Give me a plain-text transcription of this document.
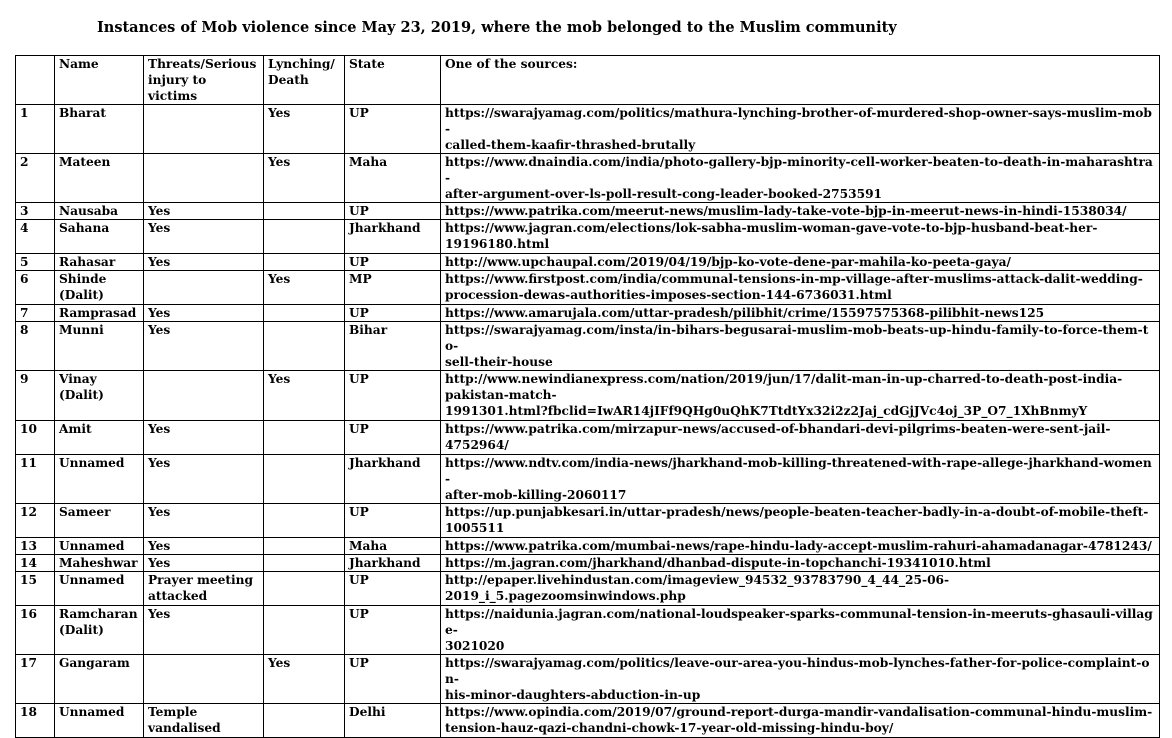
Instances of Mob violence since May 23, 2019, where the mob belonged to the Muslim community
	Name	Threats/Serious
injury to victims	Lynching/
Death	State	One of the sources:
1	Bharat		Yes	UP	https://swarajyamag.com/politics/mathura-lynching-brother-of-murdered-shop-owner-says-muslim-mob-
called-them-kaafir-thrashed-brutally
2	Mateen		Yes	Maha	https://www.dnaindia.com/india/photo-gallery-bjp-minority-cell-worker-beaten-to-death-in-maharashtra-
after-argument-over-ls-poll-result-cong-leader-booked-2753591
3	Nausaba	Yes		UP	https://www.patrika.com/meerut-news/muslim-lady-take-vote-bjp-in-meerut-news-in-hindi-1538034/
4	Sahana	Yes		Jharkhand	https://www.jagran.com/elections/lok-sabha-muslim-woman-gave-vote-to-bjp-husband-beat-her-
19196180.html
5	Rahasar	Yes		UP	http://www.upchaupal.com/2019/04/19/bjp-ko-vote-dene-par-mahila-ko-peeta-gaya/
6	Shinde
(Dalit)		Yes	MP	https://www.firstpost.com/india/communal-tensions-in-mp-village-after-muslims-attack-dalit-wedding-
procession-dewas-authorities-imposes-section-144-6736031.html
7	Ramprasad	Yes		UP	https://www.amarujala.com/uttar-pradesh/pilibhit/crime/15597575368-pilibhit-news125
8	Munni	Yes		Bihar	https://swarajyamag.com/insta/in-bihars-begusarai-muslim-mob-beats-up-hindu-family-to-force-them-to-
sell-their-house
9	Vinay
(Dalit)		Yes	UP	http://www.newindianexpress.com/nation/2019/jun/17/dalit-man-in-up-charred-to-death-post-india-
pakistan-match-
1991301.html?fbclid=IwAR14jIFf9QHg0uQhK7TtdtYx32i2z2Jaj_cdGjJVc4oj_3P_O7_1XhBnmyY
10	Amit	Yes		UP	https://www.patrika.com/mirzapur-news/accused-of-bhandari-devi-pilgrims-beaten-were-sent-jail-
4752964/
11	Unnamed	Yes		Jharkhand	https://www.ndtv.com/india-news/jharkhand-mob-killing-threatened-with-rape-allege-jharkhand-women-
after-mob-killing-2060117
12	Sameer	Yes		UP	https://up.punjabkesari.in/uttar-pradesh/news/people-beaten-teacher-badly-in-a-doubt-of-mobile-theft-
1005511
13	Unnamed	Yes		Maha	https://www.patrika.com/mumbai-news/rape-hindu-lady-accept-muslim-rahuri-ahamadanagar-4781243/
14	Maheshwar	Yes		Jharkhand	https://m.jagran.com/jharkhand/dhanbad-dispute-in-topchanchi-19341010.html
15	Unnamed	Prayer meeting
attacked		UP	http://epaper.livehindustan.com/imageview_94532_93783790_4_44_25-06-
2019_i_5.pagezoomsinwindows.php
16	Ramcharan
(Dalit)	Yes		UP	https://naidunia.jagran.com/national-loudspeaker-sparks-communal-tension-in-meeruts-ghasauli-village-
3021020
17	Gangaram		Yes	UP	https://swarajyamag.com/politics/leave-our-area-you-hindus-mob-lynches-father-for-police-complaint-on-
his-minor-daughters-abduction-in-up
18	Unnamed	Temple
vandalised		Delhi	https://www.opindia.com/2019/07/ground-report-durga-mandir-vandalisation-communal-hindu-muslim-
tension-hauz-qazi-chandni-chowk-17-year-old-missing-hindu-boy/
